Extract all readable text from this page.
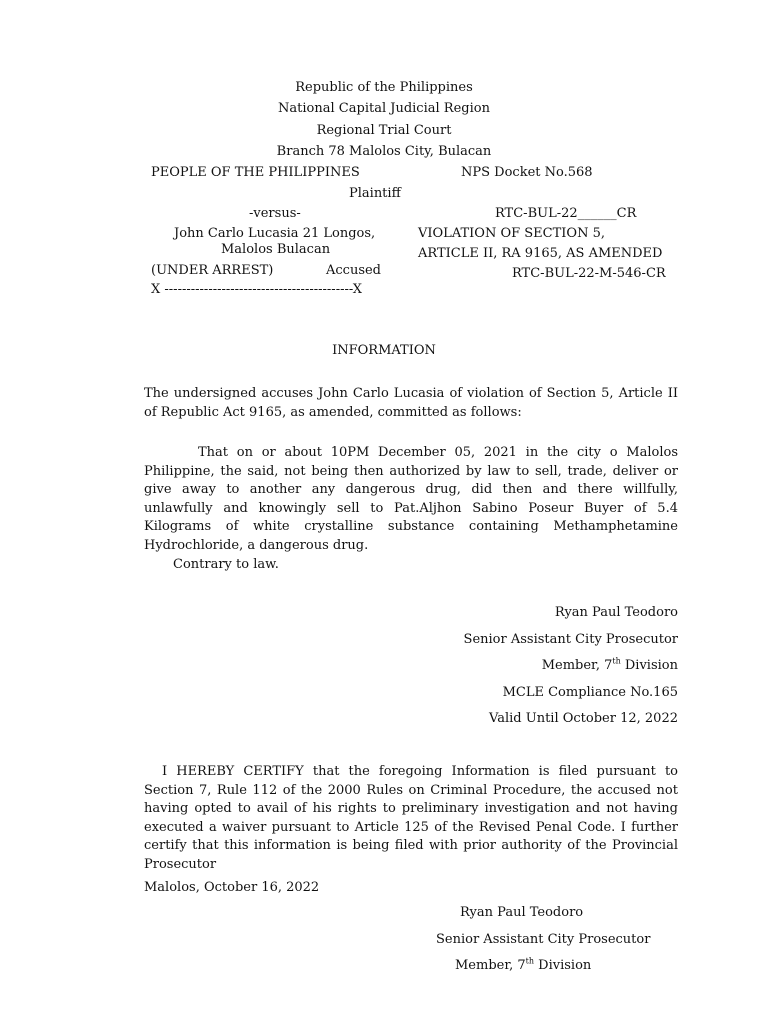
Republic of the Philippines
National Capital Judicial Region
Regional Trial Court
Branch 78 Malolos City, Bulacan
PEOPLE OF THE PHILIPPINES
Plaintiff
-versus-
John Carlo Lucasia 21 Longos,
Malolos Bulacan
(UNDER ARREST)	Accused
X -------------------------------------------X
NPS Docket No.568
RTC-BUL-22______CR
VIOLATION OF SECTION 5,
ARTICLE II, RA 9165, AS AMENDED
RTC-BUL-22-M-546-CR
INFORMATION
The undersigned accuses John Carlo Lucasia of violation of Section 5, Article II of Republic Act 9165, as amended, committed as follows:
That on or about 10PM December 05, 2021 in the city o Malolos Philippine, the said, not being then authorized by law to sell, trade, deliver or give away to another any dangerous drug, did then and there willfully, unlawfully and knowingly sell to Pat.Aljhon Sabino Poseur Buyer of 5.4 Kilograms of white crystalline substance containing Methamphetamine Hydrochloride, a dangerous drug.
Contrary to law.
Ryan Paul Teodoro
Senior Assistant City Prosecutor
Member, 7th Division
MCLE Compliance No.165
Valid Until October 12, 2022
I HEREBY CERTIFY that the foregoing Information is filed pursuant to Section 7, Rule 112 of the 2000 Rules on Criminal Procedure, the accused not having opted to avail of his rights to preliminary investigation and not having executed a waiver pursuant to Article 125 of the Revised Penal Code. I further certify that this information is being filed with prior authority of the Provincial Prosecutor
Malolos, October 16, 2022
Ryan Paul Teodoro
Senior Assistant City Prosecutor
Member, 7th Division
